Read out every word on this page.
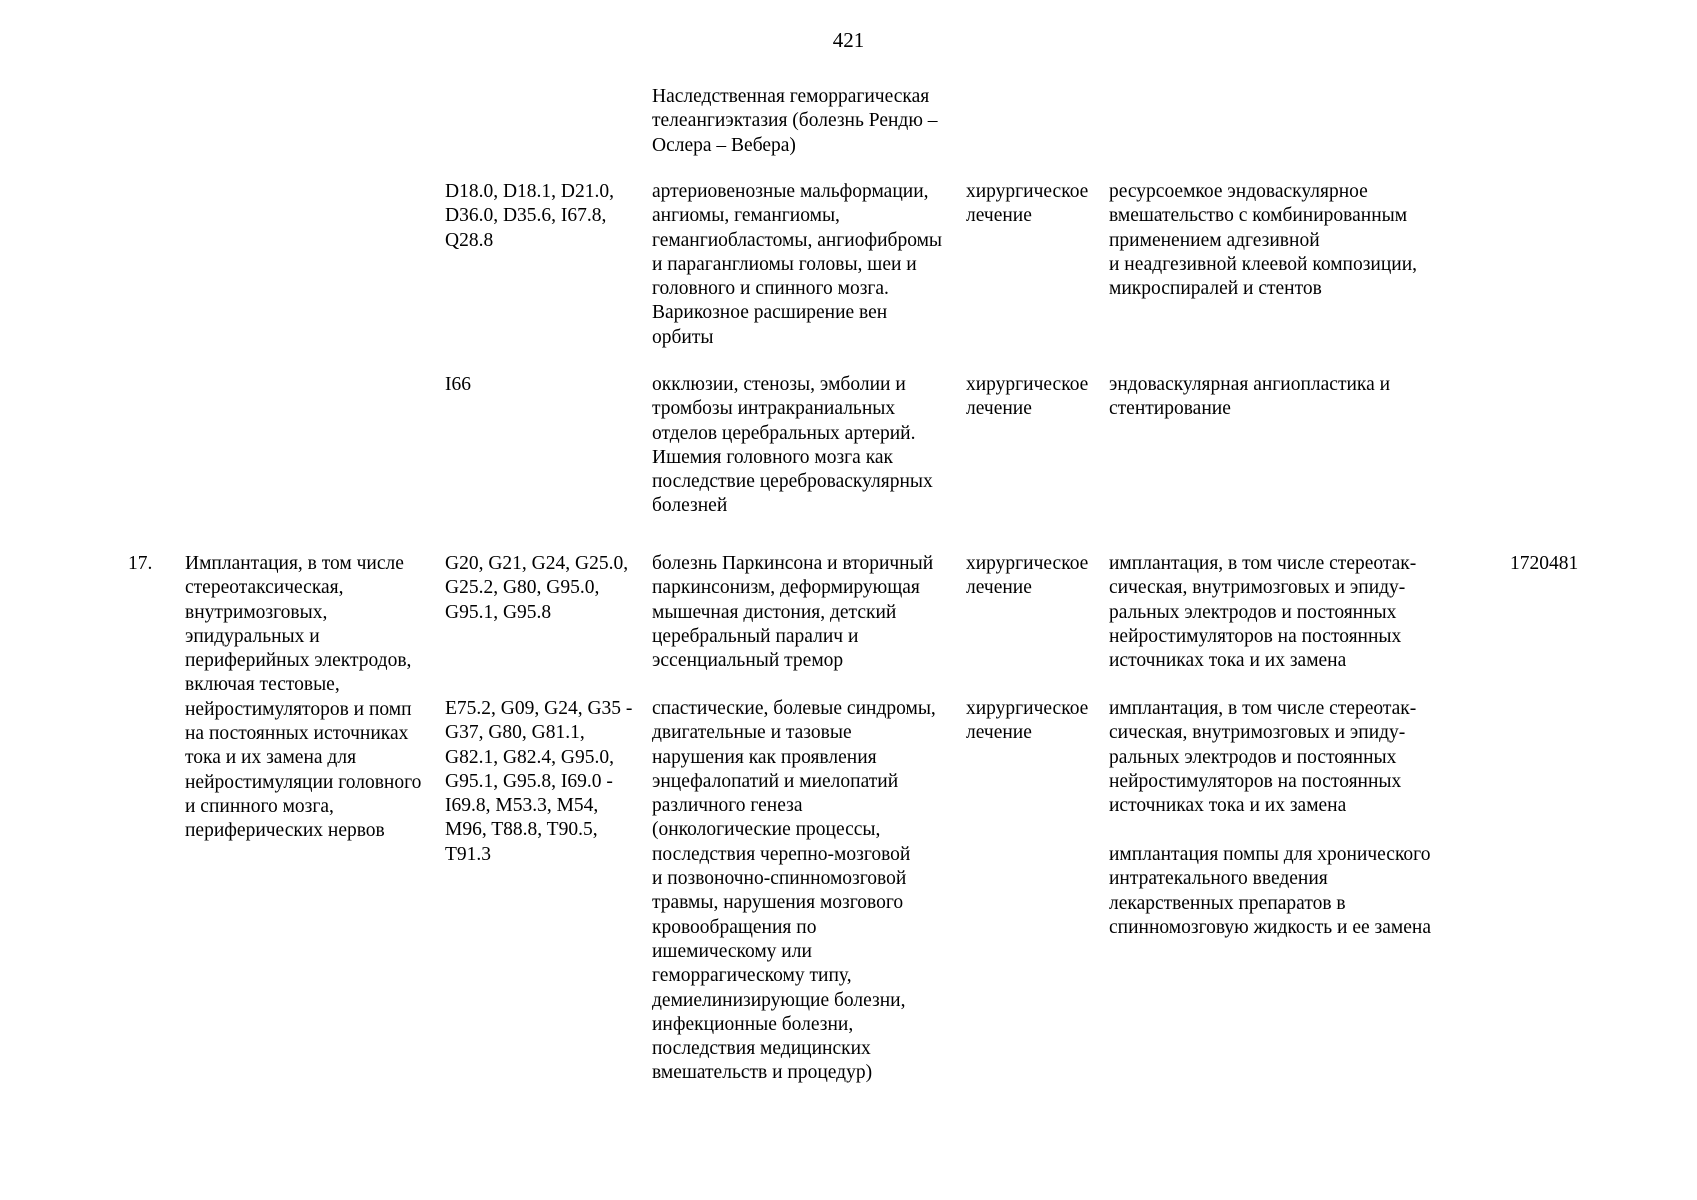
421
Наследственная геморрагическая
телеангиэктазия (болезнь Рендю –
Ослера – Вебера)
D18.0, D18.1, D21.0,
D36.0, D35.6, I67.8,
Q28.8
артериовенозные мальформации,
ангиомы, гемангиомы,
гемангиобластомы, ангиофибромы
и параганглиомы головы, шеи и
головного и спинного мозга.
Варикозное расширение вен
орбиты
хирургическое
лечение
ресурсоемкое эндоваскулярное
вмешательство с комбинированным
применением адгезивной
и неадгезивной клеевой композиции,
микроспиралей и стентов
I66	окклюзии, стенозы, эмболии и
тромбозы интракраниальных
отделов церебральных артерий.
Ишемия головного мозга как
последствие цереброваскулярных
болезней
хирургическое
лечение
эндоваскулярная ангиопластика и
стентирование
17. Имплантация, в том числе
стереотаксическая,
внутримозговых,
эпидуральных и
периферийных электродов,
включая тестовые,
нейростимуляторов и помп
на постоянных источниках
тока и их замена для
нейростимуляции головного
и спинного мозга,
периферических нервов
1720481
G20, G21, G24, G25.0,
G25.2, G80, G95.0,
G95.1, G95.8
болезнь Паркинсона и вторичный
паркинсонизм, деформирующая
мышечная дистония, детский
церебральный паралич и
эссенциальный тремор
хирургическое
лечение
имплантация, в том числе стереотак-
сическая, внутримозговых и эпиду-
ральных электродов и постоянных
нейростимуляторов на постоянных
источниках тока и их замена
E75.2, G09, G24, G35 -
G37, G80, G81.1,
G82.1, G82.4, G95.0,
G95.1, G95.8, I69.0 -
I69.8, M53.3, M54,
M96, T88.8, T90.5,
T91.3
спастические, болевые синдромы,
двигательные и тазовые
нарушения как проявления
энцефалопатий и миелопатий
различного генеза
(онкологические процессы,
последствия черепно-мозговой
и позвоночно-спинномозговой
травмы, нарушения мозгового
кровообращения по
ишемическому или
геморрагическому типу,
демиелинизирующие болезни,
инфекционные болезни,
последствия медицинских
вмешательств и процедур)
хирургическое
лечение
имплантация, в том числе стереотак-
сическая, внутримозговых и эпиду-
ральных электродов и постоянных
нейростимуляторов на постоянных
источниках тока и их замена
имплантация помпы для хронического
интратекального введения
лекарственных препаратов в
спинномозговую жидкость и ее замена
